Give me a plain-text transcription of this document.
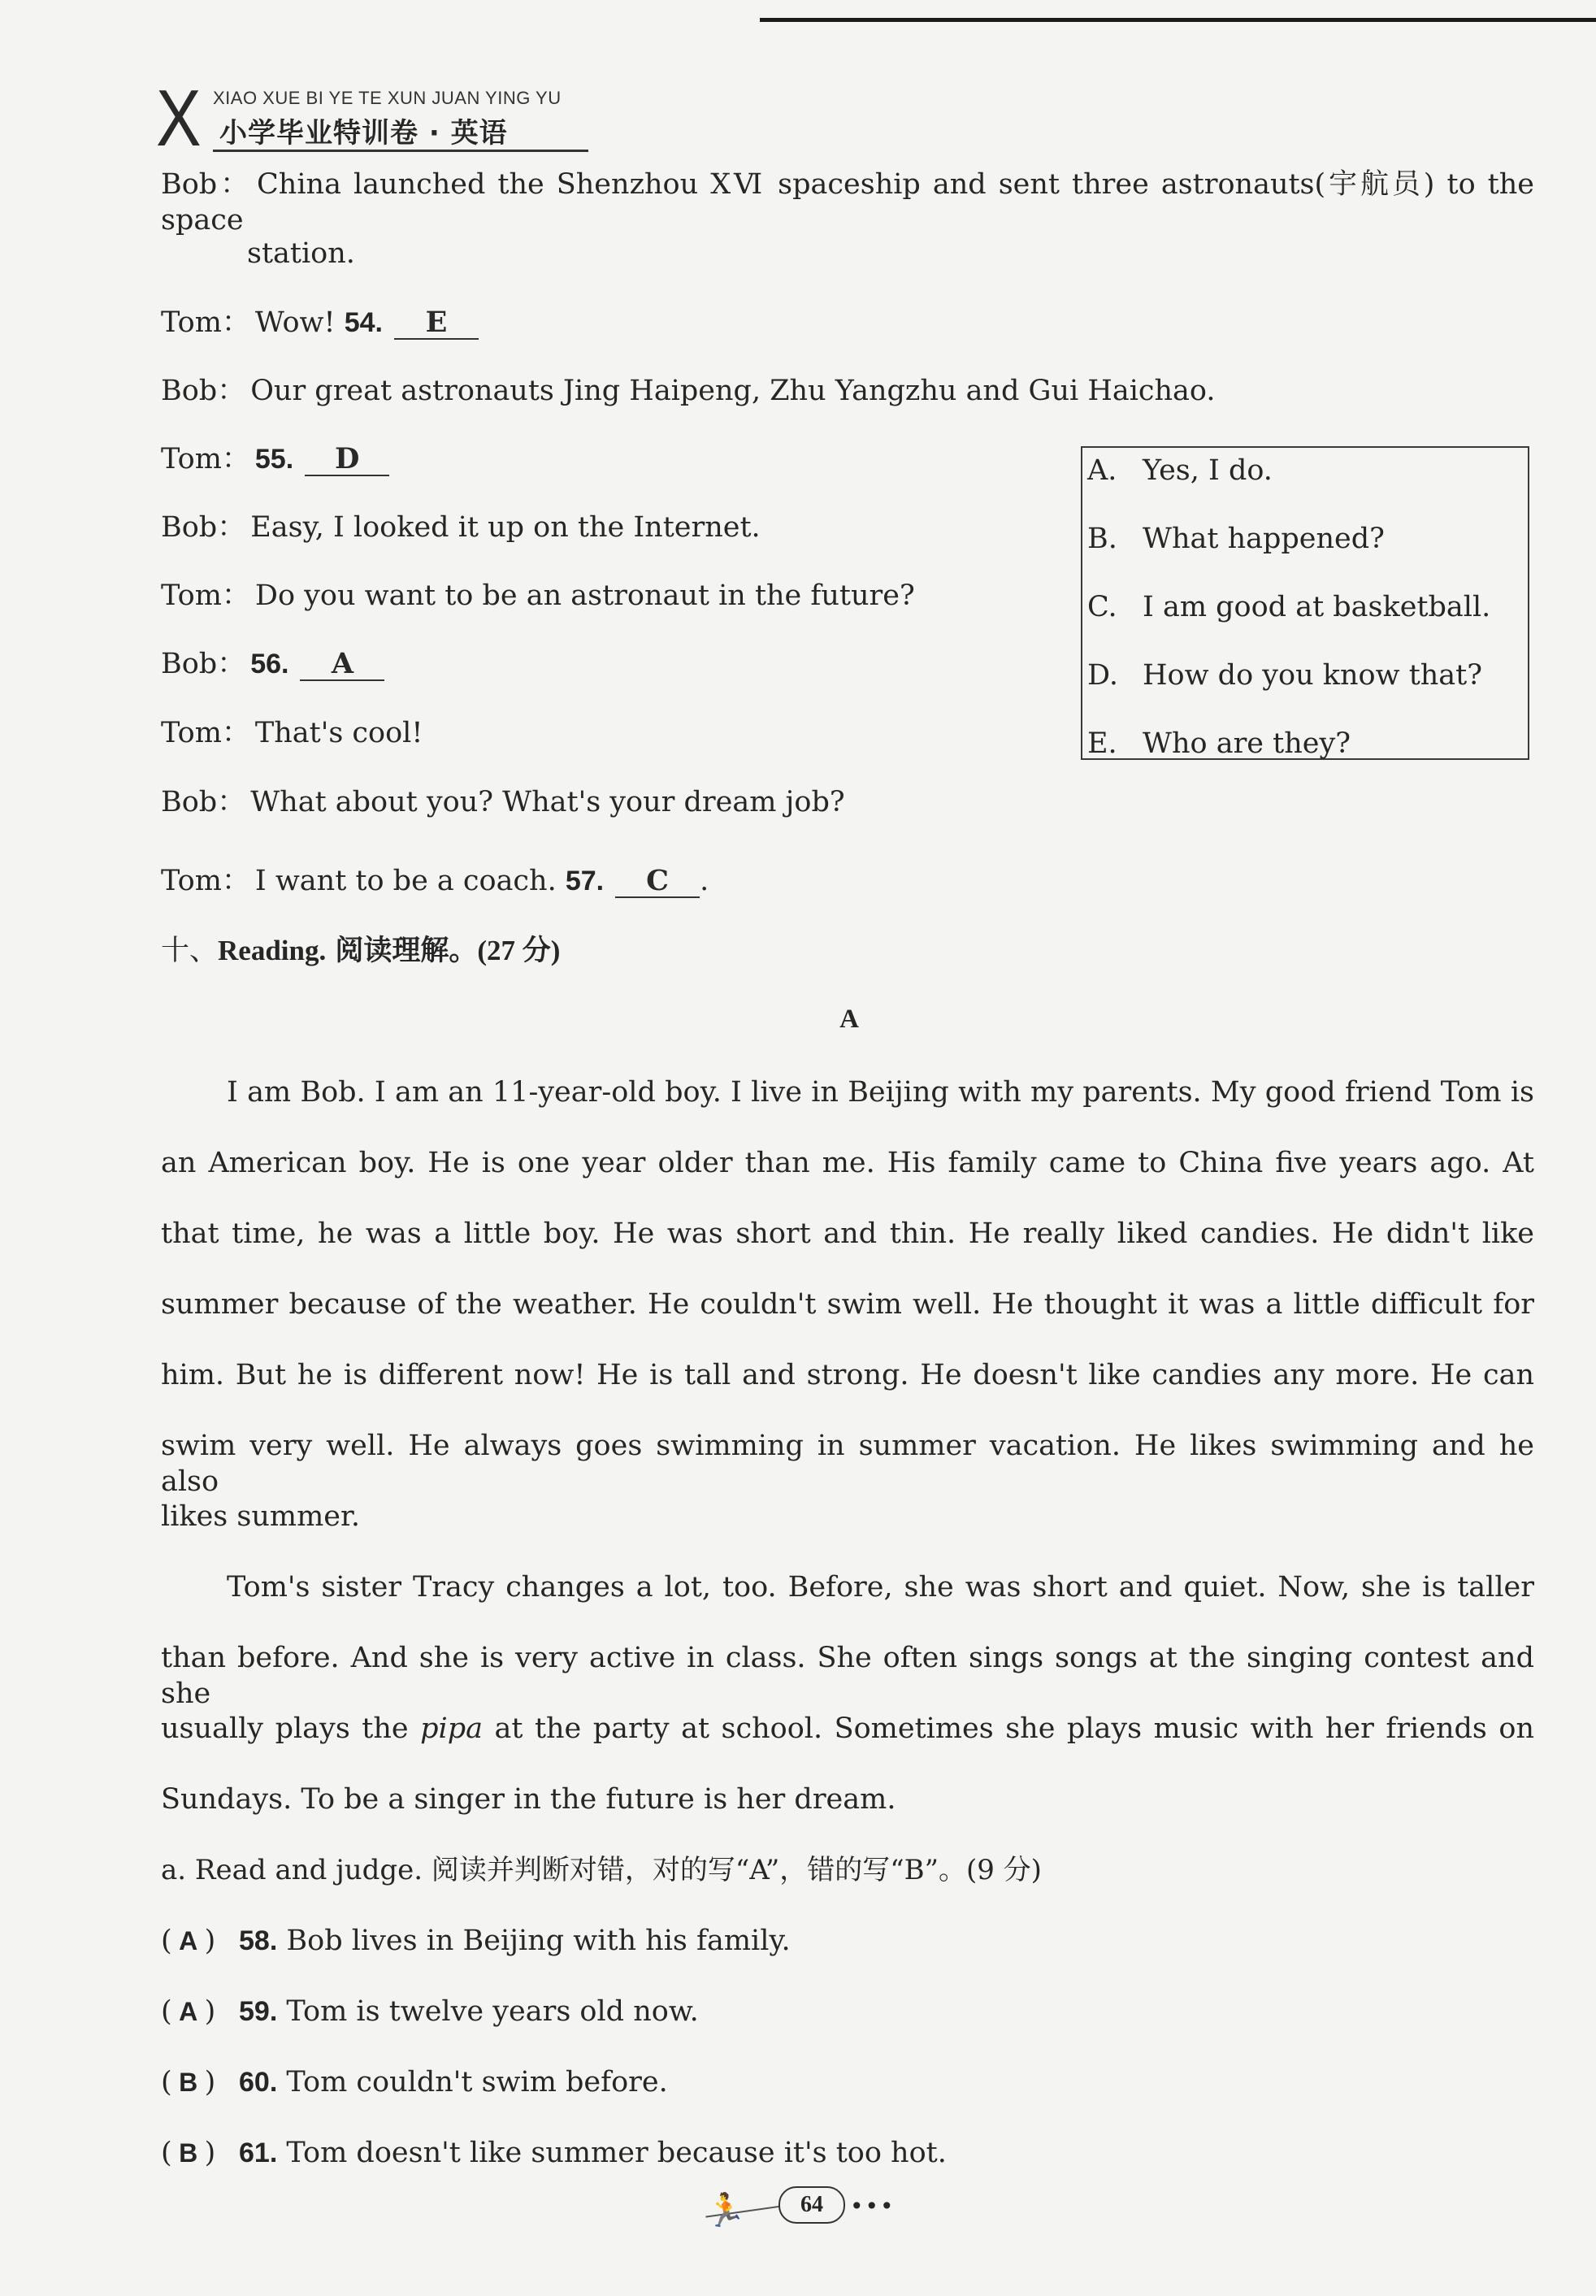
X XIAO XUE BI YE TE XUN JUAN YING YU
小学毕业特训卷 · 英语
Bob： China launched the Shenzhou ⅩⅥ spaceship and sent three astronauts(宇航员) to the space
station.
Tom： Wow! 54. E
Bob： Our great astronauts Jing Haipeng, Zhu Yangzhu and Gui Haichao.
Tom： 55. D
Bob： Easy, I looked it up on the Internet.
Tom： Do you want to be an astronaut in the future?
Bob： 56. A
Tom： That's cool!
Bob： What about you? What's your dream job?
Tom： I want to be a coach. 57. C .
A. Yes, I do.
B. What happened?
C. I am good at basketball.
D. How do you know that?
E. Who are they?
十、Reading. 阅读理解。(27 分)
A
I am Bob. I am an 11-year-old boy. I live in Beijing with my parents. My good friend Tom is
an American boy. He is one year older than me. His family came to China five years ago. At
that time, he was a little boy. He was short and thin. He really liked candies. He didn't like
summer because of the weather. He couldn't swim well. He thought it was a little difficult for
him. But he is different now! He is tall and strong. He doesn't like candies any more. He can
swim very well. He always goes swimming in summer vacation. He likes swimming and he also
likes summer.
Tom's sister Tracy changes a lot, too. Before, she was short and quiet. Now, she is taller
than before. And she is very active in class. She often sings songs at the singing contest and she
usually plays the pipa at the party at school. Sometimes she plays music with her friends on
Sundays. To be a singer in the future is her dream.
a. Read and judge. 阅读并判断对错，对的写“A”，错的写“B”。(9 分)
( A ) 58. Bob lives in Beijing with his family.
( A ) 59. Tom is twelve years old now.
( B ) 60. Tom couldn't swim before.
( B ) 61. Tom doesn't like summer because it's too hot.
🏃	64	•••
